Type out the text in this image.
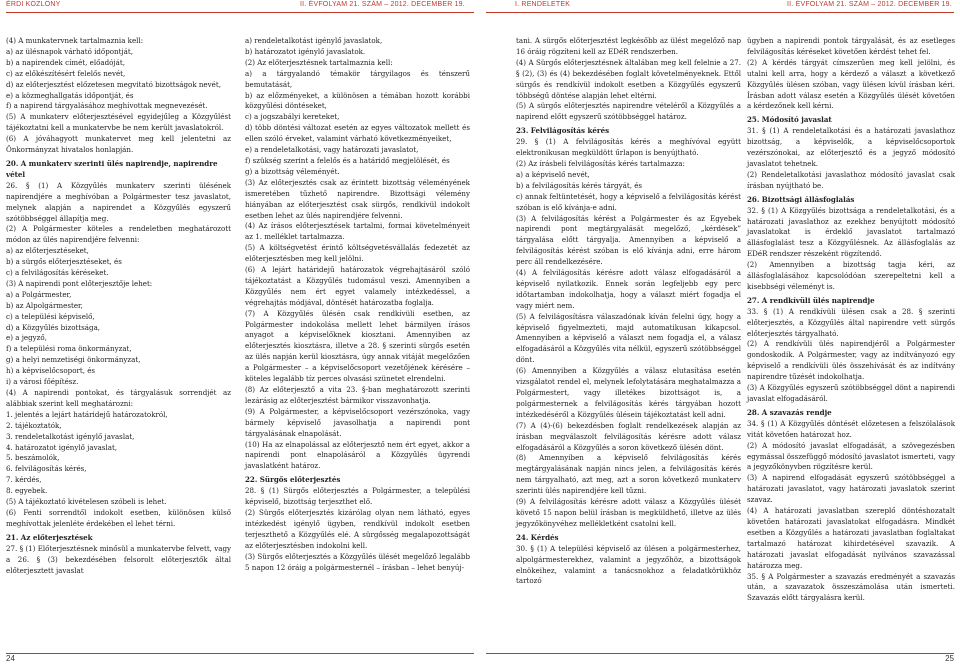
ÉRDI KÖZLÖNY	II. ÉVFOLYAM 21. SZÁM – 2012. DECEMBER 19.	I. RENDELETEK	II. ÉVFOLYAM 21. SZÁM – 2012. DECEMBER 19.

(4) A munkatervnek tartalmaznia kell:

a) az ülésnapok várható időpontját,

b) a napirendek címét, előadóját,

c) az előkészítésért felelős nevét,

d) az előterjesztést előzetesen megvitató bizottságok nevét,

e) a közmeghallgatás időpontját, és

f) a napirend tárgyalásához meghívottak megnevezését.

(5) A munkaterv előterjesztésével egyidejűleg a Közgyűlést tájékoztatni kell a munkatervbe be nem került javaslatokról.

(6) A jóváhagyott munkatervet meg kell jelentetni az Önkormányzat hivatalos honlapján.

20. A munkaterv szerinti ülés napirendje, napirendre vétel

26. § (1) A Közgyűlés munkaterv szerinti ülésének napirendjére a meghívóban a Polgármester tesz javaslatot, melynek alapján a napirendet a Közgyűlés egyszerű szótöbbséggel állapítja meg.

(2) A Polgármester köteles a rendeletben meghatározott módon az ülés napirendjére felvenni:

a) az előterjesztéseket,

b) a sürgős előterjesztéseket, és

c) a felvilágosítás kéréseket.

(3) A napirendi pont előterjesztője lehet:

a) a Polgármester,

b) az Alpolgármester,

c) a települési képviselő,

d) a Közgyűlés bizottsága,

e) a jegyző,

f) a települési roma önkormányzat,

g) a helyi nemzetiségi önkormányzat,

h) a képviselőcsoport, és

i) a városi főépítész.

(4) A napirendi pontokat, és tárgyalásuk sorrendjét az alábbiak szerint kell meghatározni:

1. jelentés a lejárt határidejű határozatokról,

2. tájékoztatók,

3. rendeletalkotást igénylő javaslat,

4. határozatot igénylő javaslat,

5. beszámolók,

6. felvilágosítás kérés,

7. kérdés,

8. egyebek.

(5) A tájékoztató kivételesen szóbeli is lehet.

(6) Fenti sorrendtől indokolt esetben, különösen külső meghívottak jelenléte érdekében el lehet térni.

21. Az előterjesztések

27. § (1) Előterjesztésnek minősül a munkatervbe felvett, vagy a 26. § (3) bekezdésében felsorolt előterjesztők által előterjesztett javaslat

a) rendeletalkotást igénylő javaslatok,

b) határozatot igénylő javaslatok.

(2) Az előterjesztésnek tartalmaznia kell:

a) a tárgyalandó témakör tárgyilagos és ténszerű bemutatását,

b) az előzményeket, a különösen a témában hozott korábbi közgyűlési döntéseket,

c) a jogszabályi kereteket,

d) több döntési változat esetén az egyes változatok mellett és ellen szóló érveket, valamint várható következményeiket,

e) a rendeletalkotási, vagy határozati javaslatot,

f) szükség szerint a felelős és a határidő megjelölését, és

g) a bizottság véleményét.

(3) Az előterjesztés csak az érintett bizottság véleményének ismeretében tűzhető napirendre. Bizottsági vélemény hiányában az előterjesztést csak sürgős, rendkívül indokolt esetben lehet az ülés napirendjére felvenni.

(4) Az írásos előterjesztések tartalmi, formai követelményeit az 1. melléklet tartalmazza.

(5) A költségvetést érintő költségvetésvállalás fedezetét az előterjesztésben meg kell jelölni.

(6) A lejárt határidejű határozatok végrehajtásáról szóló tájékoztatást a Közgyűlés tudomásul veszi. Amennyiben a Közgyűlés nem ért egyet valamely intézkedéssel, a végrehajtás módjával, döntését határozatba foglalja.

(7) A Közgyűlés ülésén csak rendkívüli esetben, az Polgármester indokolása mellett lehet bármilyen írásos anyagot a képviselőknek kiosztani. Amennyiben az előterjesztés kiosztásra, illetve a 28. § szerinti sürgős esetén az ülés napján kerül kiosztásra, úgy annak vitáját megelőzően a Polgármester – a képviselőcsoport vezetőjének kérésére – köteles legalább tíz perces olvasási szünetet elrendelni.

(8) Az előterjesztő a vita 23. §-ban meghatározott szerinti lezárásig az előterjesztést bármikor visszavonhatja.

(9) A Polgármester, a képviselőcsoport vezérszónoka, vagy bármely képviselő javasolhatja a napirendi pont tárgyalásának elnapolását.

(10) Ha az elnapolással az előterjesztő nem ért egyet, akkor a napirendi pont elnapolásáról a Közgyűlés ügyrendi javaslatként határoz.

22. Sürgős előterjesztés

28. § (1) Sürgős előterjesztés a Polgármester, a települési képviselő, bizottság terjeszthet elő.

(2) Sürgős előterjesztés kizárólag olyan nem látható, egyes intézkedést igénylő ügyben, rendkívül indokolt esetben terjeszthető a Közgyűlés elé. A sürgősség megalapozottságát az előterjesztésben indokolni kell.

(3) Sürgős előterjesztés a Közgyűlés ülését megelőző legalább 5 napon 12 óráig a polgármesternél – írásban – lehet benyúj-

tani. A sürgős előterjesztést legkésőbb az ülést megelőző nap 16 óráig rögzíteni kell az EDéR rendszerben.

(4) A Sürgős előterjesztésnek általában meg kell felelnie a 27. § (2), (3) és (4) bekezdésében foglalt követelményeknek. Ettől sürgős és rendkívül indokolt esetben a Közgyűlés egyszerű többségű döntése alapján lehet eltérni.

(5) A sürgős előterjesztés napirendre vételéről a Közgyűlés a napirend előtt egyszerű szótöbbséggel határoz.

23. Felvilágosítás kérés

29. § (1) A felvilágosítás kérés a meghívóval együtt elektronikusan megküldött űrlapon is benyújtható.

(2) Az írásbeli felvilágosítás kérés tartalmazza:

a) a képviselő nevét,

b) a felvilágosítás kérés tárgyát, és

c) annak feltüntetését, hogy a képviselő a felvilágosítás kérést szóban is elő kívánja-e adni.

(3) A felvilágosítás kérést a Polgármester és az Egyebek napirendi pont megtárgyalását megelőző, „kérdések” tárgyalása előtt tárgyalja. Amennyiben a képviselő a felvilágosítás kérést szóban is elő kívánja adni, erre három perc áll rendelkezésére.

(4) A felvilágosítás kérésre adott válasz elfogadásáról a képviselő nyilatkozik. Ennek során legfeljebb egy perc időtartamban indokolhatja, hogy a választ miért fogadja el vagy miért nem.

(5) A felvilágosításra válaszadónak kíván felelni úgy, hogy a képviselő figyelmezteti, majd automatikusan kikapcsol. Amennyiben a képviselő a választ nem fogadja el, a válasz elfogadásáról a Közgyűlés vita nélkül, egyszerű szótöbbséggel dönt.

(6) Amennyiben a Közgyűlés a válasz elutasítása esetén vizsgálatot rendel el, melynek lefolytatására meghatalmazza a Polgármestert, vagy illetékes bizottságot is, a polgármesternek a felvilágosítás kérés tárgyában hozott intézkedéséről a Közgyűlés ülésein tájékoztatást kell adni.

(7) A (4)-(6) bekezdésben foglalt rendelkezések alapján az írásban megválaszolt felvilágosítás kérésre adott válasz elfogadásáról a Közgyűlés a soron következő ülésén dönt.

(8) Amennyiben a képviselő felvilágosítás kérés megtárgyalásának napján nincs jelen, a felvilágosítás kérés nem tárgyalható, azt meg, azt a soron következő munkaterv szerinti ülés napirendjére kell tűzni.

(9) A felvilágosítás kérésre adott válasz a Közgyűlés ülését követő 15 napon belül írásban is megküldhető, illetve az ülés jegyzőkönyvéhez mellékletként csatolni kell.

24. Kérdés

30. § (1) A települési képviselő az ülésen a polgármesterhez, alpolgármesterekhez, valamint a jegyzőhöz, a bizottságok elnökeihez, valamint a tanácsnokhoz a feladatkörükhöz tartozó

ügyben a napirendi pontok tárgyalását, és az esetleges felvilágosítás kéréseket követően kérdést tehet fel.

(2) A kérdés tárgyát címszerűen meg kell jelölni, és utalni kell arra, hogy a kérdező a választ a következő Közgyűlés ülésen szóban, vagy ülésen kívül írásban kéri. Írásban adott válasz esetén a Közgyűlés ülését követően a kérdezőnek kell kérni.

25. Módosító javaslat

31. § (1) A rendeletalkotási és a határozati javaslathoz bizottság, a képviselők, a képviselőcsoportok vezérszónokai, az előterjesztő és a jegyző módosító javaslatot tehetnek.

(2) Rendeletalkotási javaslathoz módosító javaslat csak írásban nyújtható be.

26. Bizottsági állásfoglalás

32. § (1) A Közgyűlés bizottsága a rendeletalkotási, és a határozati javaslathoz az ezekhez benyújtott módosító javaslatokat is érdeklő javaslatot tartalmazó állásfoglalást tesz a Közgyűlésnek. Az állásfoglalás az EDéR rendszer részeként rögzítendő.

(2) Amennyiben a bizottság tagja kéri, az állásfoglalásához kapcsolódóan szerepeltetni kell a kisebbségi véleményt is.

27. A rendkívüli ülés napirendje

33. § (1) A rendkívüli ülésen csak a 28. § szerinti előterjesztés, a Közgyűlés által napirendre vett sürgős előterjesztés tárgyalható.

(2) A rendkívüli ülés napirendjéről a Polgármester gondoskodik. A Polgármester, vagy az indítványozó egy képviselő a rendkívüli ülés összehívását és az indítvány napirendre tűzését indokolhatja.

(3) A Közgyűlés egyszerű szótöbbséggel dönt a napirendi javaslat elfogadásáról.

28. A szavazás rendje

34. § (1) A Közgyűlés döntését előzetesen a felszólalások vitát követően határozat hoz.

(2) A módosító javaslat elfogadását, a szövegezésben egymással összefüggő módosító javaslatot ismerteti, vagy a jegyzőkönyvben rögzítésre kerül.

(3) A napirend elfogadását egyszerű szótöbbséggel a határozati javaslatot, vagy határozati javaslatok szerint szavaz.

(4) A határozati javaslatban szereplő döntéshozatalt követően határozati javaslatokat elfogadásra. Mindkét esetben a Közgyűlés a határozati javaslatban foglaltakat tartalmazó határozat kihirdetésével szavazik. A határozati javaslat elfogadását nyilvános szavazással határozza meg.

35. § A Polgármester a szavazás eredményét a szavazás után, a szavazatok összeszámolása után ismerteti. Szavazás előtt tárgyalásra kerül.

24	25
